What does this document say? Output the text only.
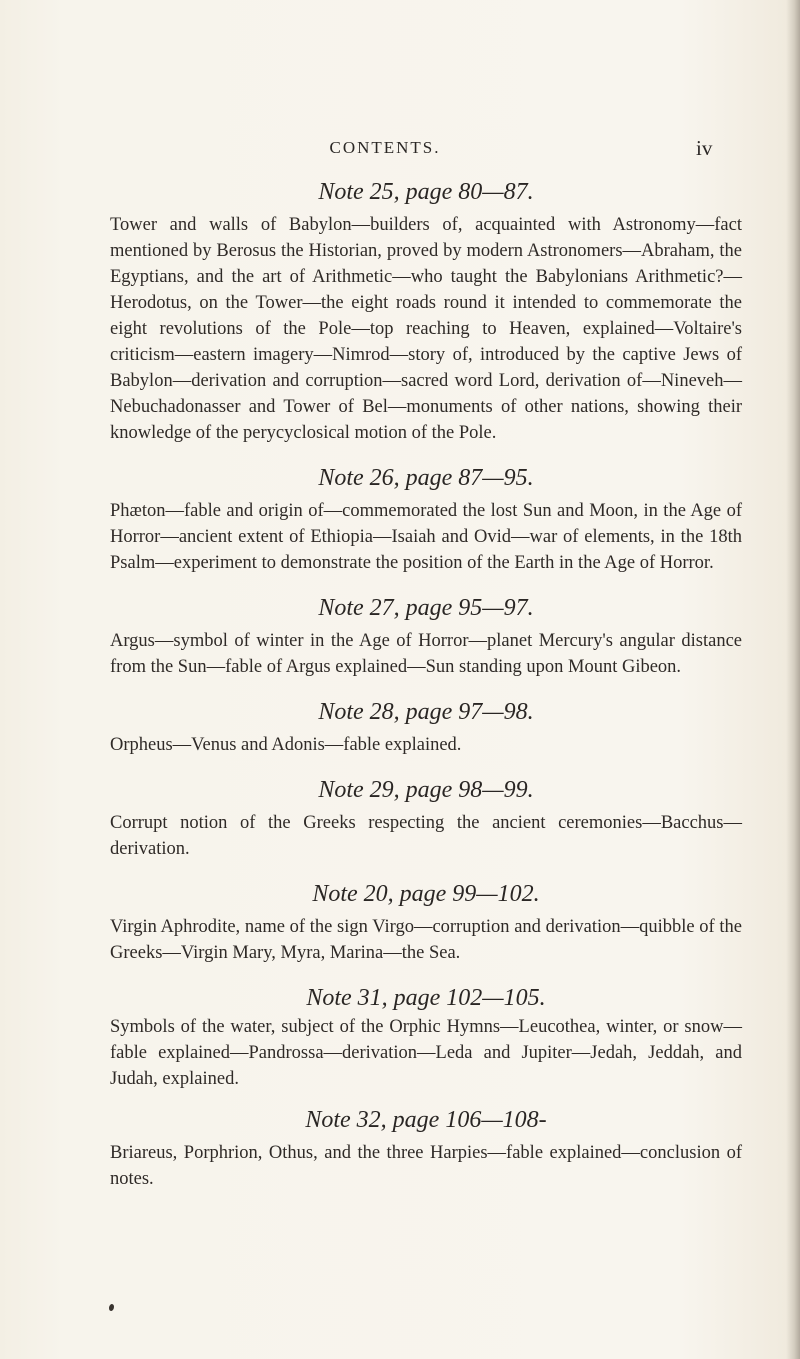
CONTENTS.	iv
Note 25, page 80—87.

Tower and walls of Babylon—builders of, acquainted with Astronomy—fact mentioned by Berosus the Historian, proved by modern Astronomers—Abraham, the Egyptians, and the art of Arithmetic—who taught the Babylonians Arithmetic?—Herodotus, on the Tower—the eight roads round it intended to commemorate the eight revolutions of the Pole—top reaching to Heaven, explained—Voltaire's criticism—eastern imagery—Nimrod—story of, introduced by the captive Jews of Babylon—derivation and corruption—sacred word Lord, derivation of—Nineveh—Nebuchadonasser and Tower of Bel—monuments of other nations, showing their knowledge of the perycyclosical motion of the Pole.

Note 26, page 87—95.

Phæton—fable and origin of—commemorated the lost Sun and Moon, in the Age of Horror—ancient extent of Ethiopia—Isaiah and Ovid—war of elements, in the 18th Psalm—experiment to demonstrate the position of the Earth in the Age of Horror.

Note 27, page 95—97.

Argus—symbol of winter in the Age of Horror—planet Mercury's angular distance from the Sun—fable of Argus explained—Sun standing upon Mount Gibeon.

Note 28, page 97—98.

Orpheus—Venus and Adonis—fable explained.

Note 29, page 98—99.

Corrupt notion of the Greeks respecting the ancient ceremonies—Bacchus—derivation.

Note 20, page 99—102.

Virgin Aphrodite, name of the sign Virgo—corruption and derivation—quibble of the Greeks—Virgin Mary, Myra, Marina—the Sea.

Note 31, page 102—105.

Symbols of the water, subject of the Orphic Hymns—Leucothea, winter, or snow—fable explained—Pandrossa—derivation—Leda and Jupiter—Jedah, Jeddah, and Judah, explained.

Note 32, page 106—108-

Briareus, Porphrion, Othus, and the three Harpies—fable explained—conclusion of notes.
